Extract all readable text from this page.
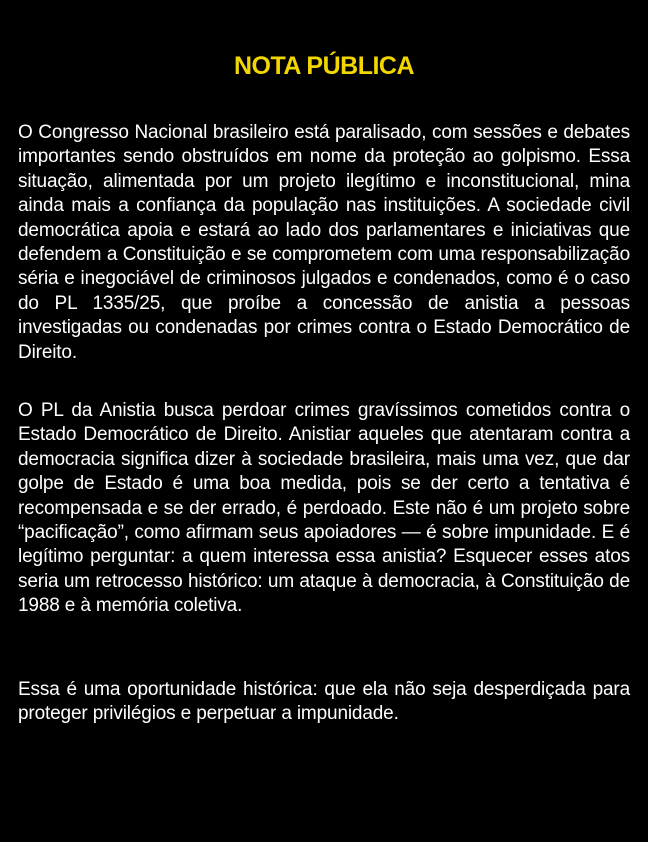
NOTA PÚBLICA

O Congresso Nacional brasileiro está paralisado, com sessões e debates importantes sendo obstruídos em nome da proteção ao golpismo. Essa situação, alimentada por um projeto ilegítimo e inconstitucional, mina ainda mais a confiança da população nas instituições. A sociedade civil democrática apoia e estará ao lado dos parlamentares e iniciativas que defendem a Constituição e se comprometem com uma responsabilização séria e inegociável de criminosos julgados e condenados, como é o caso do PL 1335/25, que proíbe a concessão de anistia a pessoas investigadas ou condenadas por crimes contra o Estado Democrático de Direito.

O PL da Anistia busca perdoar crimes gravíssimos cometidos contra o Estado Democrático de Direito. Anistiar aqueles que atentaram contra a democracia significa dizer à sociedade brasileira, mais uma vez, que dar golpe de Estado é uma boa medida, pois se der certo a tentativa é recompensada e se der errado, é perdoado. Este não é um projeto sobre “pacificação”, como afirmam seus apoiadores — é sobre impunidade. E é legítimo perguntar: a quem interessa essa anistia? Esquecer esses atos seria um retrocesso histórico: um ataque à democracia, à Constituição de 1988 e à memória coletiva.

Essa é uma oportunidade histórica: que ela não seja desperdiçada para proteger privilégios e perpetuar a impunidade.
